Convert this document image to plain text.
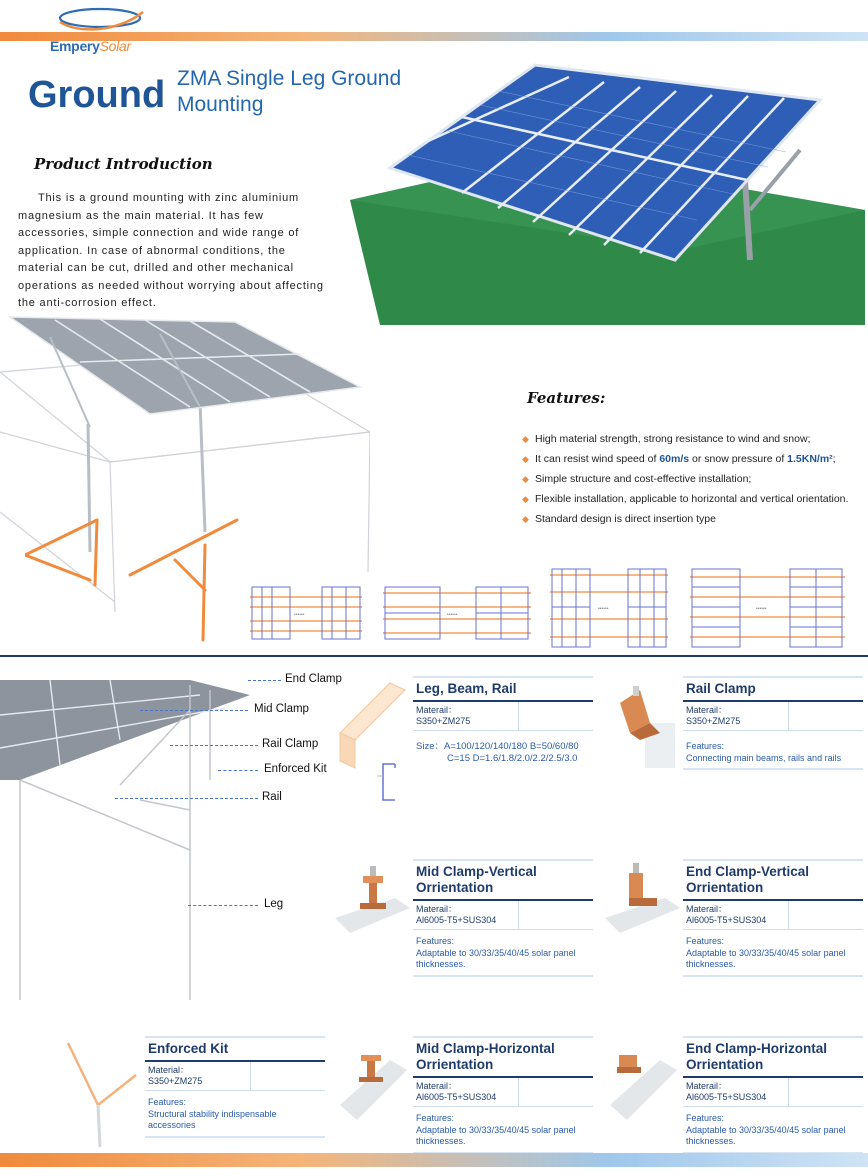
EmperySolar
Ground ZMA Single Leg Ground Mounting
Product Introduction

This is a ground mounting with zinc aluminium magnesium as the main material. It has few accessories, simple connection and wide range of application. In case of abnormal conditions, the material can be cut, drilled and other mechanical operations as needed without worrying about affecting the anti-corrosion effect.

Features:
◆ High material strength, strong resistance to wind and snow;
◆ It can resist wind speed of 60m/s or snow pressure of 1.5KN/m²;
◆ Simple structure and cost-effective installation;
◆ Flexible installation, applicable to horizontal and vertical orientation.
◆ Standard design is direct insertion type
••••••	••••••
••••••	••••••
End Clamp
Mid Clamp
Rail Clamp
Enforced Kit
Rail
Leg
Leg, Beam, Rail
Materail：
S350+ZM275
Size：A=100/120/140/180 B=50/60/80
C=15 D=1.6/1.8/2.0/2.2/2.5/3.0
Rail Clamp
Materail：
S350+ZM275
Features:
Connecting main beams, rails and rails
Mid Clamp-Vertical Orrientation
Materail：
Al6005-T5+SUS304
Features:
Adaptable to 30/33/35/40/45 solar panel thicknesses.
End Clamp-Vertical Orrientation
Materail：
Al6005-T5+SUS304
Features:
Adaptable to 30/33/35/40/45 solar panel thicknesses.
Enforced Kit
Material：
S350+ZM275
Features:
Structural stability indispensable accessories
Mid Clamp-Horizontal Orrientation
Materail：
Al6005-T5+SUS304
Features:
Adaptable to 30/33/35/40/45 solar panel thicknesses.
End Clamp-Horizontal Orrientation
Materail：
Al6005-T5+SUS304
Features:
Adaptable to 30/33/35/40/45 solar panel thicknesses.
